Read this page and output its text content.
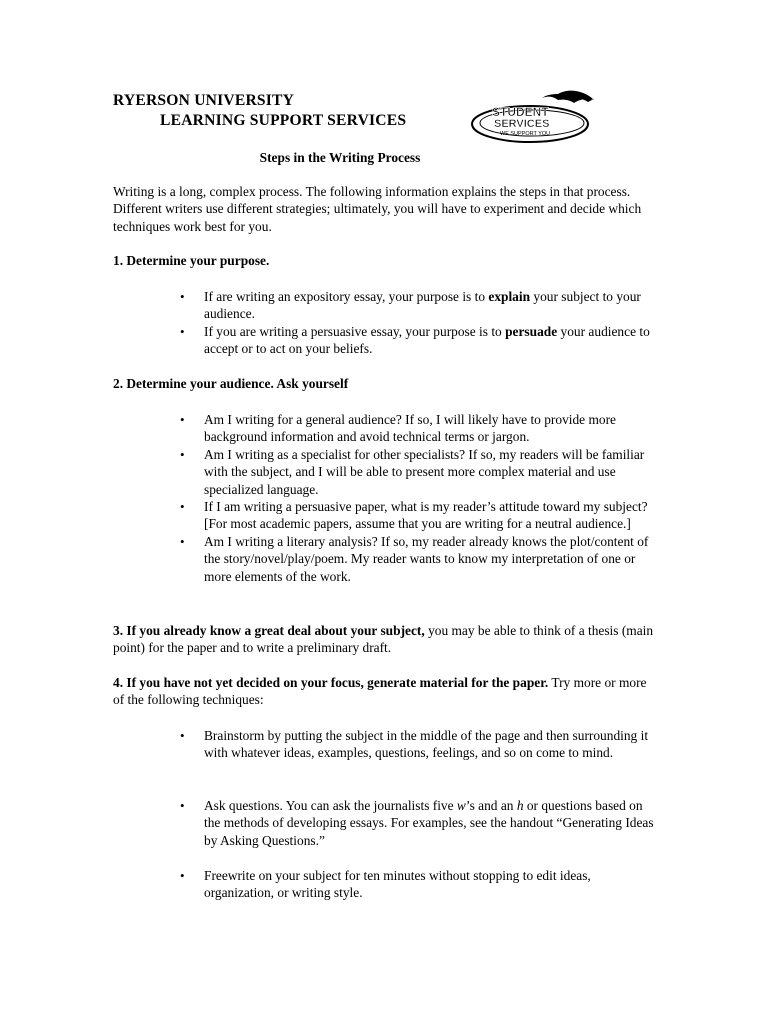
RYERSON UNIVERSITY
LEARNING SUPPORT SERVICES	STUDENT
SERVICES
WE SUPPORT YOU
Steps in the Writing Process
Writing is a long, complex process. The following information explains the steps in that process. Different writers use different strategies; ultimately, you will have to experiment and decide which techniques work best for you.
1. Determine your purpose.
• If are writing an expository essay, your purpose is to explain your subject to your audience.
• If you are writing a persuasive essay, your purpose is to persuade your audience to accept or to act on your beliefs.
2. Determine your audience. Ask yourself
• Am I writing for a general audience? If so, I will likely have to provide more background information and avoid technical terms or jargon.
• Am I writing as a specialist for other specialists? If so, my readers will be familiar with the subject, and I will be able to present more complex material and use specialized language.
• If I am writing a persuasive paper, what is my reader’s attitude toward my subject? [For most academic papers, assume that you are writing for a neutral audience.]
• Am I writing a literary analysis? If so, my reader already knows the plot/content of the story/novel/play/poem. My reader wants to know my interpretation of one or more elements of the work.
3. If you already know a great deal about your subject, you may be able to think of a thesis (main point) for the paper and to write a preliminary draft.
4. If you have not yet decided on your focus, generate material for the paper. Try more or more of the following techniques:
• Brainstorm by putting the subject in the middle of the page and then surrounding it with whatever ideas, examples, questions, feelings, and so on come to mind.
• Ask questions. You can ask the journalists five w’s and an h or questions based on the methods of developing essays. For examples, see the handout “Generating Ideas by Asking Questions.”
• Freewrite on your subject for ten minutes without stopping to edit ideas, organization, or writing style.
